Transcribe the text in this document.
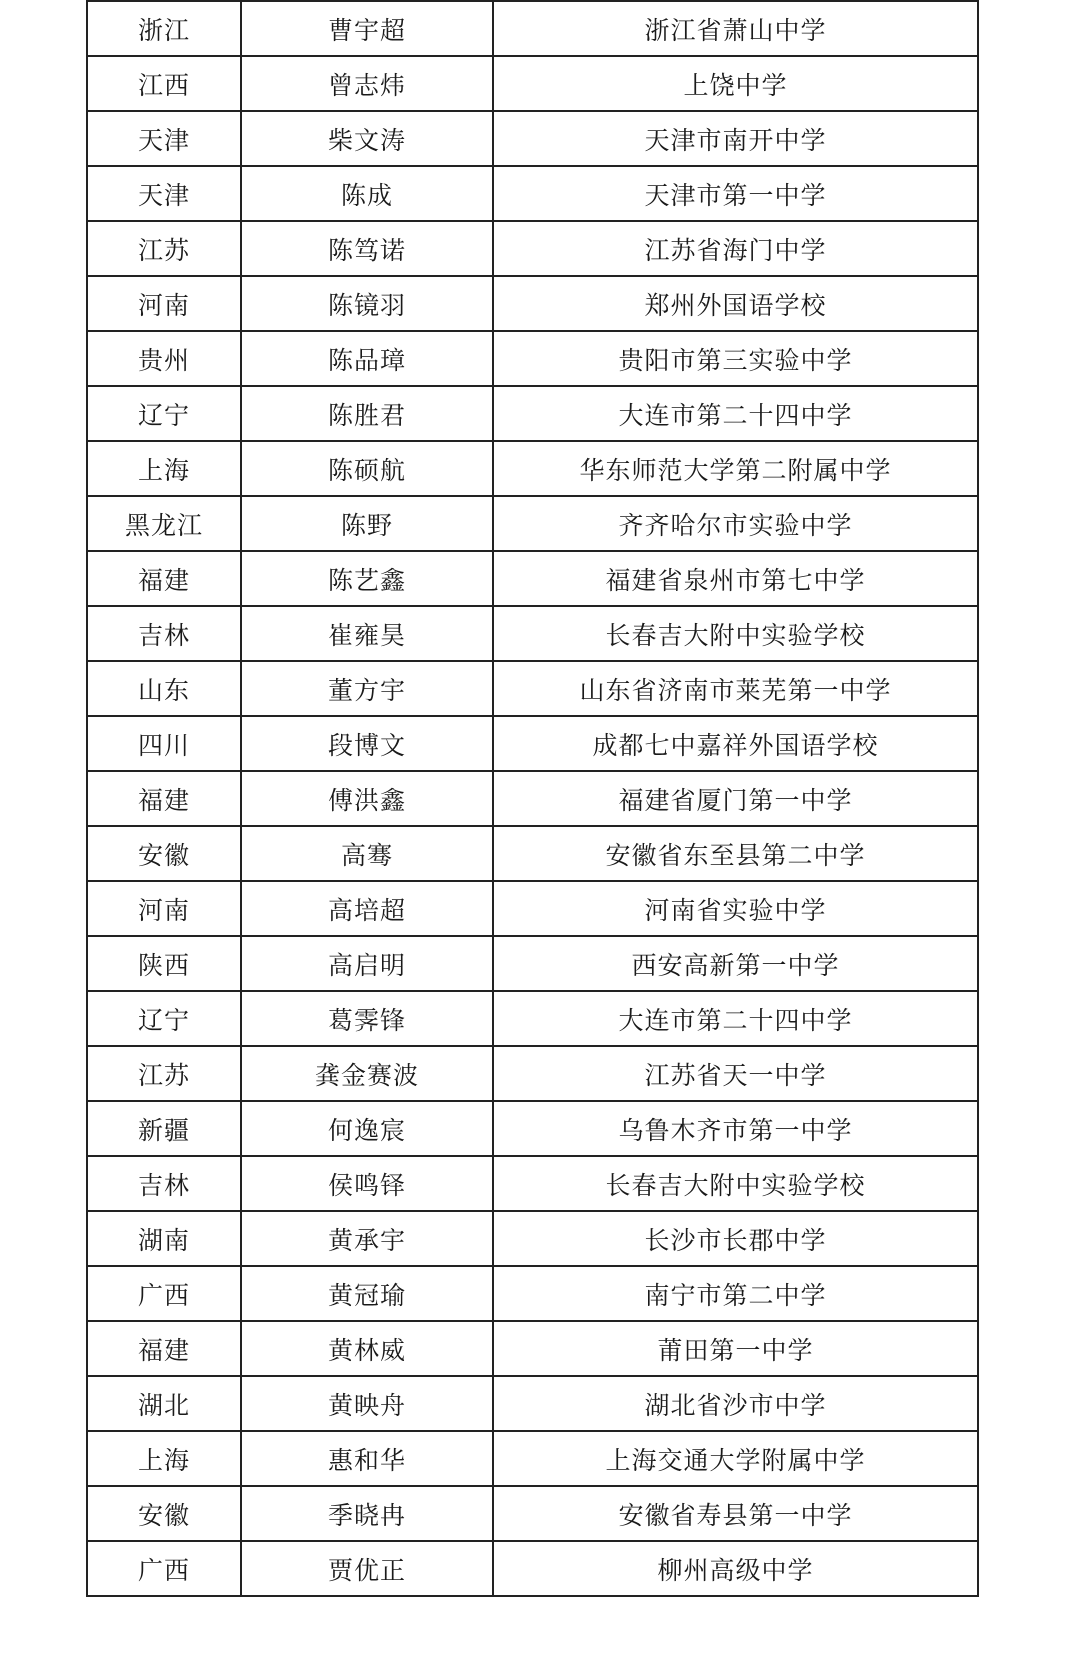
浙江	曹宇超	浙江省萧山中学
江西	曾志炜	上饶中学
天津	柴文涛	天津市南开中学
天津	陈成	天津市第一中学
江苏	陈笃诺	江苏省海门中学
河南	陈镜羽	郑州外国语学校
贵州	陈品璋	贵阳市第三实验中学
辽宁	陈胜君	大连市第二十四中学
上海	陈硕航	华东师范大学第二附属中学
黑龙江	陈野	齐齐哈尔市实验中学
福建	陈艺鑫	福建省泉州市第七中学
吉林	崔雍昊	长春吉大附中实验学校
山东	董方宇	山东省济南市莱芜第一中学
四川	段博文	成都七中嘉祥外国语学校
福建	傅洪鑫	福建省厦门第一中学
安徽	高骞	安徽省东至县第二中学
河南	高培超	河南省实验中学
陕西	高启明	西安高新第一中学
辽宁	葛霁锋	大连市第二十四中学
江苏	龚金赛波	江苏省天一中学
新疆	何逸宸	乌鲁木齐市第一中学
吉林	侯鸣铎	长春吉大附中实验学校
湖南	黄承宇	长沙市长郡中学
广西	黄冠瑜	南宁市第二中学
福建	黄林威	莆田第一中学
湖北	黄映舟	湖北省沙市中学
上海	惠和华	上海交通大学附属中学
安徽	季晓冉	安徽省寿县第一中学
广西	贾优正	柳州高级中学
